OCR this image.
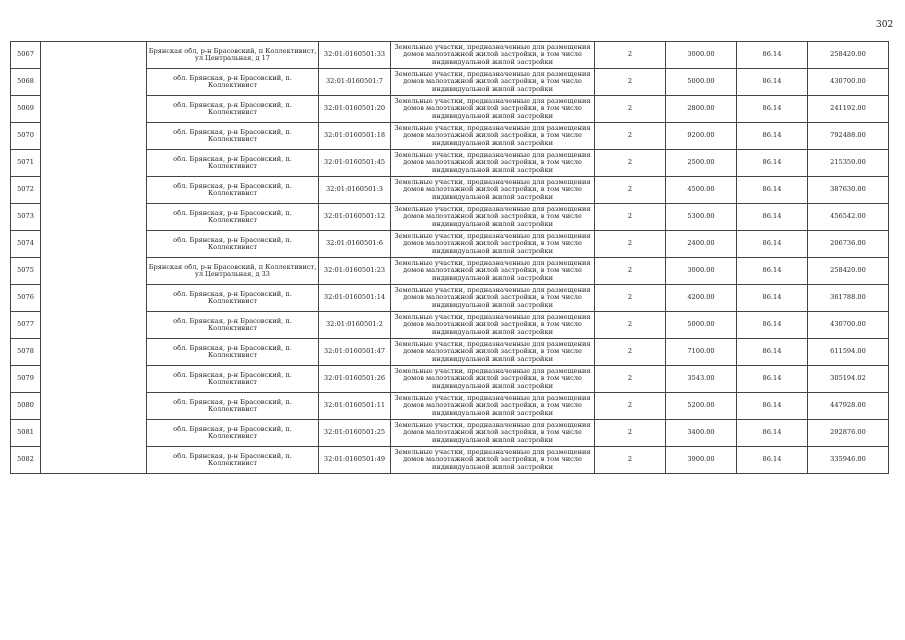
302
5067		Брянская обл, р-н Брасовский, п Коллективист, ул Центральная, д 17	32:01:0160501:33	Земельные участки, предназначенные для размещения домов малоэтажной жилой застройки, в том числе индивидуальной жилой застройки	2	3000.00	86.14	258420.00
5068		обл. Брянская, р-н Брасовский, п. Коллективист	32:01:0160501:7	Земельные участки, предназначенные для размещения домов малоэтажной жилой застройки, в том числе индивидуальной жилой застройки	2	5000.00	86.14	430700.00
5069		обл. Брянская, р-н Брасовский, п. Коллективист	32:01:0160501:20	Земельные участки, предназначенные для размещения домов малоэтажной жилой застройки, в том числе индивидуальной жилой застройки	2	2800.00	86.14	241192.00
5070		обл. Брянская, р-н Брасовский, п. Коллективист	32:01:0160501:18	Земельные участки, предназначенные для размещения домов малоэтажной жилой застройки, в том числе индивидуальной жилой застройки	2	9200.00	86.14	792488.00
5071		обл. Брянская, р-н Брасовский, п. Коллективист	32:01:0160501:45	Земельные участки, предназначенные для размещения домов малоэтажной жилой застройки, в том числе индивидуальной жилой застройки	2	2500.00	86.14	215350.00
5072		обл. Брянская, р-н Брасовский, п. Коллективист	32:01:0160501:3	Земельные участки, предназначенные для размещения домов малоэтажной жилой застройки, в том числе индивидуальной жилой застройки	2	4500.00	86.14	387630.00
5073		обл. Брянская, р-н Брасовский, п. Коллективист	32:01:0160501:12	Земельные участки, предназначенные для размещения домов малоэтажной жилой застройки, в том числе индивидуальной жилой застройки	2	5300.00	86.14	456542.00
5074		обл. Брянская, р-н Брасовский, п. Коллективист	32:01:0160501:6	Земельные участки, предназначенные для размещения домов малоэтажной жилой застройки, в том числе индивидуальной жилой застройки	2	2400.00	86.14	206736.00
5075		Брянская обл, р-н Брасовский, п Коллективист, ул Центральная, д 33	32:01:0160501:23	Земельные участки, предназначенные для размещения домов малоэтажной жилой застройки, в том числе индивидуальной жилой застройки	2	3000.00	86.14	258420.00
5076		обл. Брянская, р-н Брасовский, п. Коллективист	32:01:0160501:14	Земельные участки, предназначенные для размещения домов малоэтажной жилой застройки, в том числе индивидуальной жилой застройки	2	4200.00	86.14	361788.00
5077		обл. Брянская, р-н Брасовский, п. Коллективист	32:01:0160501:2	Земельные участки, предназначенные для размещения домов малоэтажной жилой застройки, в том числе индивидуальной жилой застройки	2	5000.00	86.14	430700.00
5078		обл. Брянская, р-н Брасовский, п. Коллективист	32:01:0160501:47	Земельные участки, предназначенные для размещения домов малоэтажной жилой застройки, в том числе индивидуальной жилой застройки	2	7100.00	86.14	611594.00
5079		обл. Брянская, р-н Брасовский, п. Коллективист	32:01:0160501:26	Земельные участки, предназначенные для размещения домов малоэтажной жилой застройки, в том числе индивидуальной жилой застройки	2	3543.00	86.14	305194.02
5080		обл. Брянская, р-н Брасовский, п. Коллективист	32:01:0160501:11	Земельные участки, предназначенные для размещения домов малоэтажной жилой застройки, в том числе индивидуальной жилой застройки	2	5200.00	86.14	447928.00
5081		обл. Брянская, р-н Брасовский, п. Коллективист	32:01:0160501:25	Земельные участки, предназначенные для размещения домов малоэтажной жилой застройки, в том числе индивидуальной жилой застройки	2	3400.00	86.14	292876.00
5082		обл. Брянская, р-н Брасовский, п. Коллективист	32:01:0160501:49	Земельные участки, предназначенные для размещения домов малоэтажной жилой застройки, в том числе индивидуальной жилой застройки	2	3900.00	86.14	335946.00
